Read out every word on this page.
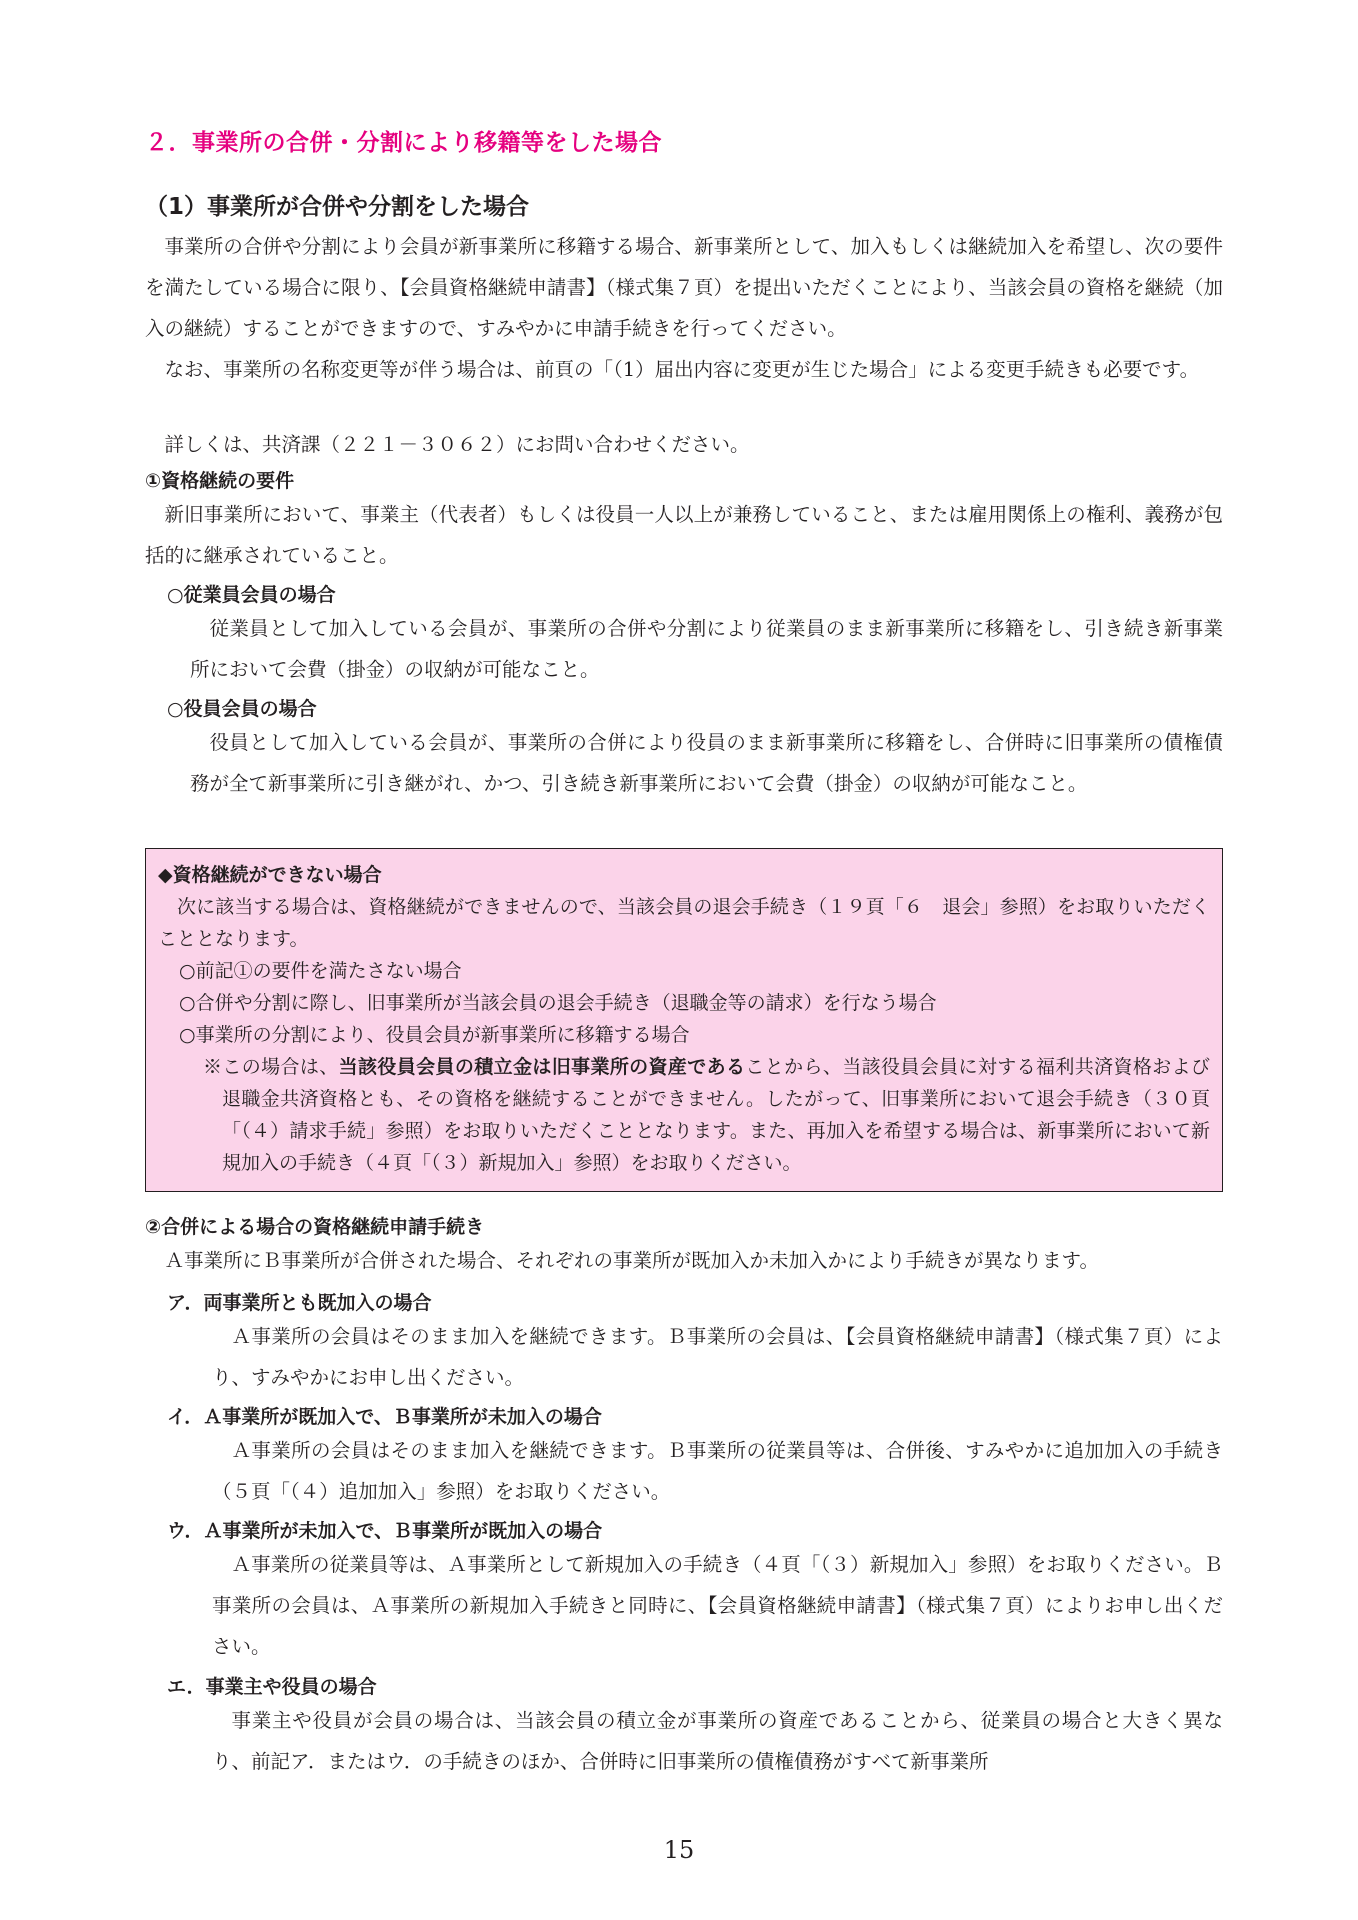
２．事業所の合併・分割により移籍等をした場合
（1）事業所が合併や分割をした場合

事業所の合併や分割により会員が新事業所に移籍する場合、新事業所として、加入もしくは継続加入を希望し、次の要件を満たしている場合に限り、【会員資格継続申請書】（様式集７頁）を提出いただくことにより、当該会員の資格を継続（加入の継続）することができますので、すみやかに申請手続きを行ってください。

なお、事業所の名称変更等が伴う場合は、前頁の「（1）届出内容に変更が生じた場合」による変更手続きも必要です。

詳しくは、共済課（２２１－３０６２）にお問い合わせください。

①資格継続の要件

新旧事業所において、事業主（代表者）もしくは役員一人以上が兼務していること、または雇用関係上の権利、義務が包括的に継承されていること。

○従業員会員の場合

従業員として加入している会員が、事業所の合併や分割により従業員のまま新事業所に移籍をし、引き続き新事業所において会費（掛金）の収納が可能なこと。

○役員会員の場合

役員として加入している会員が、事業所の合併により役員のまま新事業所に移籍をし、合併時に旧事業所の債権債務が全て新事業所に引き継がれ、かつ、引き続き新事業所において会費（掛金）の収納が可能なこと。

◆資格継続ができない場合

次に該当する場合は、資格継続ができませんので、当該会員の退会手続き（１９頁「６　退会」参照）をお取りいただくこととなります。

○前記①の要件を満たさない場合
○合併や分割に際し、旧事業所が当該会員の退会手続き（退職金等の請求）を行なう場合
○事業所の分割により、役員会員が新事業所に移籍する場合

※この場合は、当該役員会員の積立金は旧事業所の資産であることから、当該役員会員に対する福利共済資格および退職金共済資格とも、その資格を継続することができません。したがって、旧事業所において退会手続き（３０頁「（４）請求手続」参照）をお取りいただくこととなります。また、再加入を希望する場合は、新事業所において新規加入の手続き（４頁「（３）新規加入」参照）をお取りください。

②合併による場合の資格継続申請手続き

Ａ事業所にＢ事業所が合併された場合、それぞれの事業所が既加入か未加入かにより手続きが異なります。

ア．両事業所とも既加入の場合

Ａ事業所の会員はそのまま加入を継続できます。Ｂ事業所の会員は、【会員資格継続申請書】（様式集７頁）により、すみやかにお申し出ください。

イ．Ａ事業所が既加入で、Ｂ事業所が未加入の場合

Ａ事業所の会員はそのまま加入を継続できます。Ｂ事業所の従業員等は、合併後、すみやかに追加加入の手続き（５頁「（４）追加加入」参照）をお取りください。

ウ．Ａ事業所が未加入で、Ｂ事業所が既加入の場合

Ａ事業所の従業員等は、Ａ事業所として新規加入の手続き（４頁「（３）新規加入」参照）をお取りください。Ｂ事業所の会員は、Ａ事業所の新規加入手続きと同時に、【会員資格継続申請書】（様式集７頁）によりお申し出ください。

エ．事業主や役員の場合

事業主や役員が会員の場合は、当該会員の積立金が事業所の資産であることから、従業員の場合と大きく異なり、前記ア．またはウ．の手続きのほか、合併時に旧事業所の債権債務がすべて新事業所

15
